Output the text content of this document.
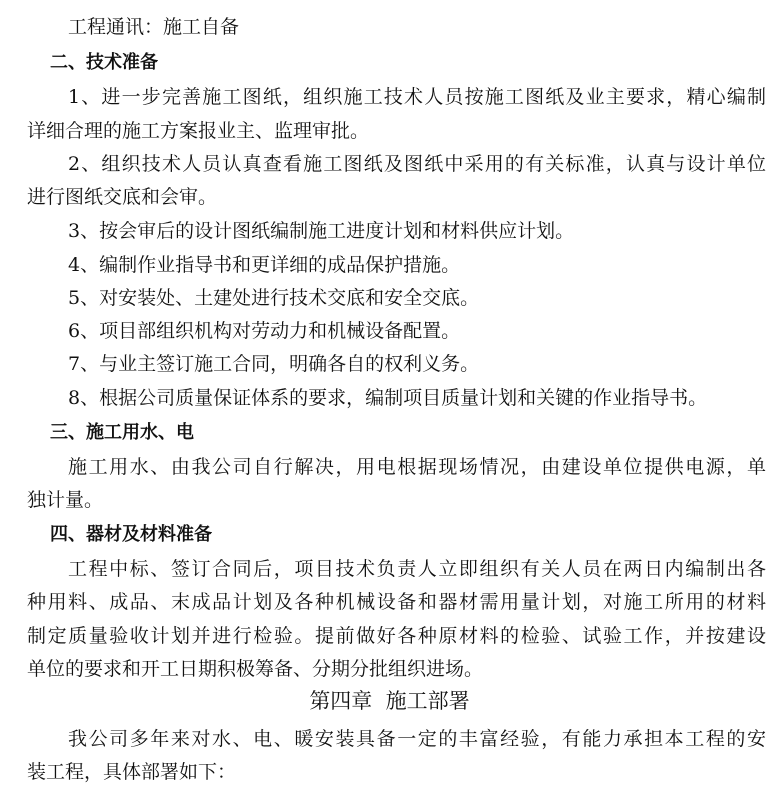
工程通讯：施工自备
二、技术准备
1、进一步完善施工图纸，组织施工技术人员按施工图纸及业主要求，精心编制
详细合理的施工方案报业主、监理审批。
2、组织技术人员认真查看施工图纸及图纸中采用的有关标准，认真与设计单位
进行图纸交底和会审。
3、按会审后的设计图纸编制施工进度计划和材料供应计划。
4、编制作业指导书和更详细的成品保护措施。
5、对安装处、土建处进行技术交底和安全交底。
6、项目部组织机构对劳动力和机械设备配置。
7、与业主签订施工合同，明确各自的权利义务。
8、根据公司质量保证体系的要求，编制项目质量计划和关键的作业指导书。
三、施工用水、电
施工用水、由我公司自行解决，用电根据现场情况，由建设单位提供电源，单
独计量。
四、器材及材料准备
工程中标、签订合同后，项目技术负责人立即组织有关人员在两日内编制出各
种用料、成品、末成品计划及各种机械设备和器材需用量计划，对施工所用的材料
制定质量验收计划并进行检验。提前做好各种原材料的检验、试验工作，并按建设
单位的要求和开工日期积极筹备、分期分批组织进场。
第四章  施工部署
我公司多年来对水、电、暖安装具备一定的丰富经验，有能力承担本工程的安
装工程，具体部署如下：
